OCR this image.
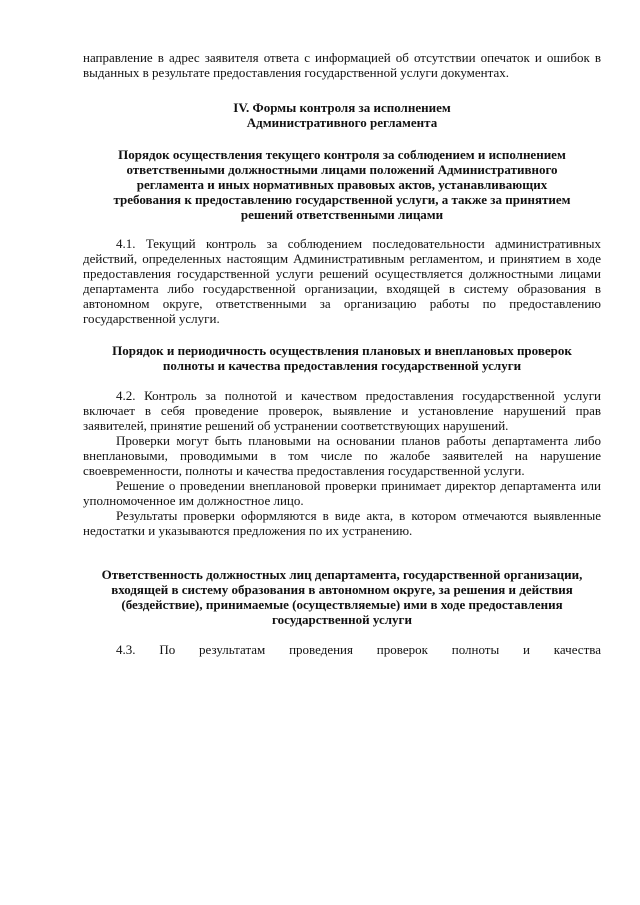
направление в адрес заявителя ответа с информацией об отсутствии опечаток и ошибок в выданных в результате предоставления государственной услуги документах.

IV. Формы контроля за исполнением
Административного регламента

Порядок осуществления текущего контроля за соблюдением и исполнением ответственными должностными лицами положений Административного регламента и иных нормативных правовых актов, устанавливающих требования к предоставлению государственной услуги, а также за принятием решений ответственными лицами

4.1. Текущий контроль за соблюдением последовательности административных действий, определенных настоящим Административным регламентом, и принятием в ходе предоставления государственной услуги решений осуществляется должностными лицами департамента либо государственной организации, входящей в систему образования в автономном округе, ответственными за организацию работы по предоставлению государственной услуги.

Порядок и периодичность осуществления плановых и внеплановых проверок полноты и качества предоставления государственной услуги

4.2. Контроль за полнотой и качеством предоставления государственной услуги включает в себя проведение проверок, выявление и установление нарушений прав заявителей, принятие решений об устранении соответствующих нарушений.

Проверки могут быть плановыми на основании планов работы департамента либо внеплановыми, проводимыми в том числе по жалобе заявителей на нарушение своевременности, полноты и качества предоставления государственной услуги.

Решение о проведении внеплановой проверки принимает директор департамента или уполномоченное им должностное лицо.

Результаты проверки оформляются в виде акта, в котором отмечаются выявленные недостатки и указываются предложения по их устранению.

Ответственность должностных лиц департамента, государственной организации, входящей в систему образования в автономном округе, за решения и действия (бездействие), принимаемые (осуществляемые) ими в ходе предоставления государственной услуги

4.3. По результатам проведения проверок полноты и качества
